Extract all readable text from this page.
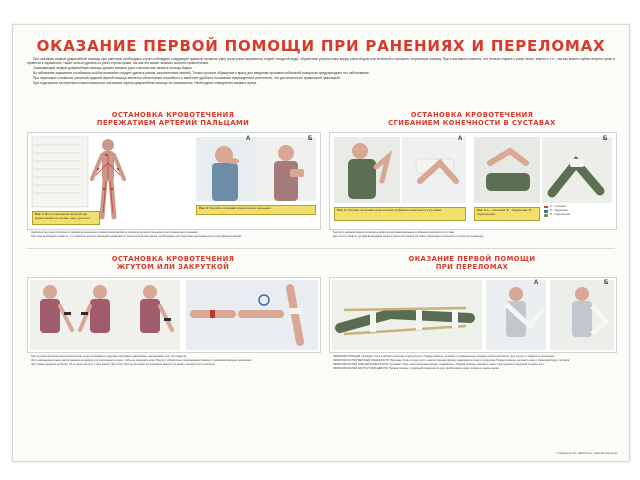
ОКАЗАНИЕ ПЕРВОЙ ПОМОЩИ ПРИ РАНЕНИЯХ И ПЕРЕЛОМАХ

При оказании первой доврачебной помощи при ранениях необходимо строго соблюдать следующие правила: промыть рану (если рана загрязнена) струей холодной воды, обработать участок кожи вокруг раны йодом или зеленкой и наложить стерильную повязку. При этом важно помнить, что нельзя стирать с раны песок, землю и т. п., так как можно глубже втереть грязь и привести к заражению, также нельзя удалять из раны сгустки крови, так как это может вызвать сильное кровотечение.

Оказывающий первую доврачебную помощь должен вымыть руки с мылом или смазать пальцы йодом.

Во избежание заражения столбняком особое внимание следует уделять ранам, загрязненным землей. Только срочное обращение к врачу для введения противостолбнячной сыворотки предупреждает его заболевание.

При переломах и вывихах основной задачей первой помощи является обеспечение спокойного и наиболее удобного положения поврежденной конечности, что достигается ее правильной фиксацией.

При подозрении на перелом позвоночника или основания черепа доврачебная помощь не оказывается. Необходимо немедленно вызвать врача.

ОСТАНОВКА КРОВОТЕЧЕНИЯ
ПЕРЕЖАТИЕМ АРТЕРИЙ ПАЛЬЦАМИ
А	Б
Рис. 1 Места пережатия артерий при кровотечении из головы, шеи, рук и ног
Рис. 2 Способы остановки кровотечения пальцами

Наиболее быстрым способом остановки артериального кровотечения является прижатие артерии пальцами к кости выше места ранения.

При этом необходимо помнить, что прижатие артерии пальцами применяется только на короткое время, необходимое для подготовки наложения жгута или давящей повязки.

ОСТАНОВКА КРОВОТЕЧЕНИЯ
СГИБАНИЕМ КОНЕЧНОСТИ В СУСТАВАХ
А	Б
Рис. 2 Способы остановки кровотечения сгибанием конечности в суставах	Рис. 3 А – плечевая; Б – бедренная; В – подколенная
А – плечевая
Б – бедренная
В – подколенная

Быстро и надежно можно остановить кровотечение максимальным сгибанием конечности в суставе.

Для этого в область сустава вкладывают валик из ваты или свернутой ткани и фиксируют конечность в согнутом положении.

ОСТАНОВКА КРОВОТЕЧЕНИЯ
ЖГУТОМ ИЛИ ЗАКРУТКОЙ

При сильном артериальном кровотечении, когда остановка его другими способами невозможна, накладывают жгут или закрутку.

Жгут накладывают выше места ранения на одежду или подложенную ткань, чтобы не повредить кожу. Под жгут обязательно подкладывают записку с указанием времени наложения.

Жгут можно держать не более 1,5–2 часов летом и 1 часа зимой. При отсутствии жгута можно использовать закрутку из ремня, косынки или полотенца.

ОКАЗАНИЕ ПЕРВОЙ ПОМОЩИ
ПРИ ПЕРЕЛОМАХ
А	Б

ПЕРЕЛОМ КЛЮЧИЦЫ. Признаки: боль в области ключицы и припухлость. Первая помощь: положить в подмышечную впадину небольшой валик, руку согнуть и подвесить на косынке.

ПЕРЕЛОМ КОСТЕЙ ВЕРХНЕЙ КОНЕЧНОСТИ. Признаки: боль по ходу кости, неестественная форма, подвижность в месте перелома. Первая помощь: наложить шину с фиксацией двух суставов.

ПЕРЕЛОМ КОСТЕЙ НИЖНЕЙ КОНЕЧНОСТИ. Признаки: боль, неестественная форма, подвижность. Первая помощь: наложить шины с внутренней и наружной стороны ноги.

ПЕРЕЛОМ КОСТЕЙ КИСТИ И ПАЛЬЦЕВ РУК. Первая помощь: к ладонной поверхности руки прибинтовать шину, вложив в ладонь валик.

© Издательство «ВИКТА-2», Нижний Новгород
